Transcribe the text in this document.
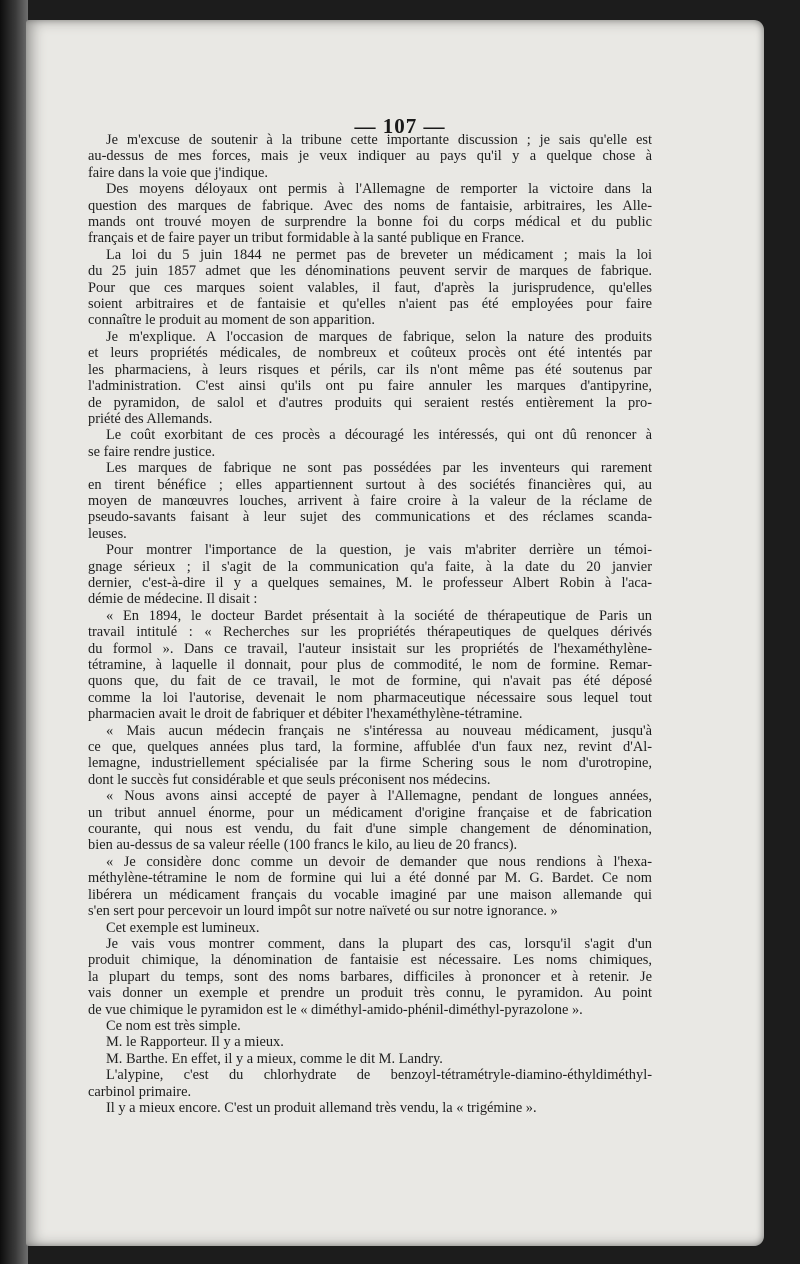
— 107 —
Je m'excuse de soutenir à la tribune cette importante discussion ; je sais qu'elle est
au-dessus de mes forces, mais je veux indiquer au pays qu'il y a quelque chose à
faire dans la voie que j'indique.
Des moyens déloyaux ont permis à l'Allemagne de remporter la victoire dans la
question des marques de fabrique. Avec des noms de fantaisie, arbitraires, les Alle-
mands ont trouvé moyen de surprendre la bonne foi du corps médical et du public
français et de faire payer un tribut formidable à la santé publique en France.
La loi du 5 juin 1844 ne permet pas de breveter un médicament ; mais la loi
du 25 juin 1857 admet que les dénominations peuvent servir de marques de fabrique.
Pour que ces marques soient valables, il faut, d'après la jurisprudence, qu'elles
soient arbitraires et de fantaisie et qu'elles n'aient pas été employées pour faire
connaître le produit au moment de son apparition.
Je m'explique. A l'occasion de marques de fabrique, selon la nature des produits
et leurs propriétés médicales, de nombreux et coûteux procès ont été intentés par
les pharmaciens, à leurs risques et périls, car ils n'ont même pas été soutenus par
l'administration. C'est ainsi qu'ils ont pu faire annuler les marques d'antipyrine,
de pyramidon, de salol et d'autres produits qui seraient restés entièrement la pro-
priété des Allemands.
Le coût exorbitant de ces procès a découragé les intéressés, qui ont dû renoncer à
se faire rendre justice.
Les marques de fabrique ne sont pas possédées par les inventeurs qui rarement
en tirent bénéfice ; elles appartiennent surtout à des sociétés financières qui, au
moyen de manœuvres louches, arrivent à faire croire à la valeur de la réclame de
pseudo-savants faisant à leur sujet des communications et des réclames scanda-
leuses.
Pour montrer l'importance de la question, je vais m'abriter derrière un témoi-
gnage sérieux ; il s'agit de la communication qu'a faite, à la date du 20 janvier
dernier, c'est-à-dire il y a quelques semaines, M. le professeur Albert Robin à l'aca-
démie de médecine. Il disait :
« En 1894, le docteur Bardet présentait à la société de thérapeutique de Paris un
travail intitulé : « Recherches sur les propriétés thérapeutiques de quelques dérivés
du formol ». Dans ce travail, l'auteur insistait sur les propriétés de l'hexaméthylène-
tétramine, à laquelle il donnait, pour plus de commodité, le nom de formine. Remar-
quons que, du fait de ce travail, le mot de formine, qui n'avait pas été déposé
comme la loi l'autorise, devenait le nom pharmaceutique nécessaire sous lequel tout
pharmacien avait le droit de fabriquer et débiter l'hexaméthylène-tétramine.
« Mais aucun médecin français ne s'intéressa au nouveau médicament, jusqu'à
ce que, quelques années plus tard, la formine, affublée d'un faux nez, revint d'Al-
lemagne, industriellement spécialisée par la firme Schering sous le nom d'urotropine,
dont le succès fut considérable et que seuls préconisent nos médecins.
« Nous avons ainsi accepté de payer à l'Allemagne, pendant de longues années,
un tribut annuel énorme, pour un médicament d'origine française et de fabrication
courante, qui nous est vendu, du fait d'une simple changement de dénomination,
bien au-dessus de sa valeur réelle (100 francs le kilo, au lieu de 20 francs).
« Je considère donc comme un devoir de demander que nous rendions à l'hexa-
méthylène-tétramine le nom de formine qui lui a été donné par M. G. Bardet. Ce nom
libérera un médicament français du vocable imaginé par une maison allemande qui
s'en sert pour percevoir un lourd impôt sur notre naïveté ou sur notre ignorance. »
Cet exemple est lumineux.
Je vais vous montrer comment, dans la plupart des cas, lorsqu'il s'agit d'un
produit chimique, la dénomination de fantaisie est nécessaire. Les noms chimiques,
la plupart du temps, sont des noms barbares, difficiles à prononcer et à retenir. Je
vais donner un exemple et prendre un produit très connu, le pyramidon. Au point
de vue chimique le pyramidon est le « diméthyl-amido-phénil-diméthyl-pyrazolone ».
Ce nom est très simple.
M. le Rapporteur. Il y a mieux.
M. Barthe. En effet, il y a mieux, comme le dit M. Landry.
L'alypine, c'est du chlorhydrate de benzoyl-tétramétryle-diamino-éthyldiméthyl-
carbinol primaire.
Il y a mieux encore. C'est un produit allemand très vendu, la « trigémine ».
